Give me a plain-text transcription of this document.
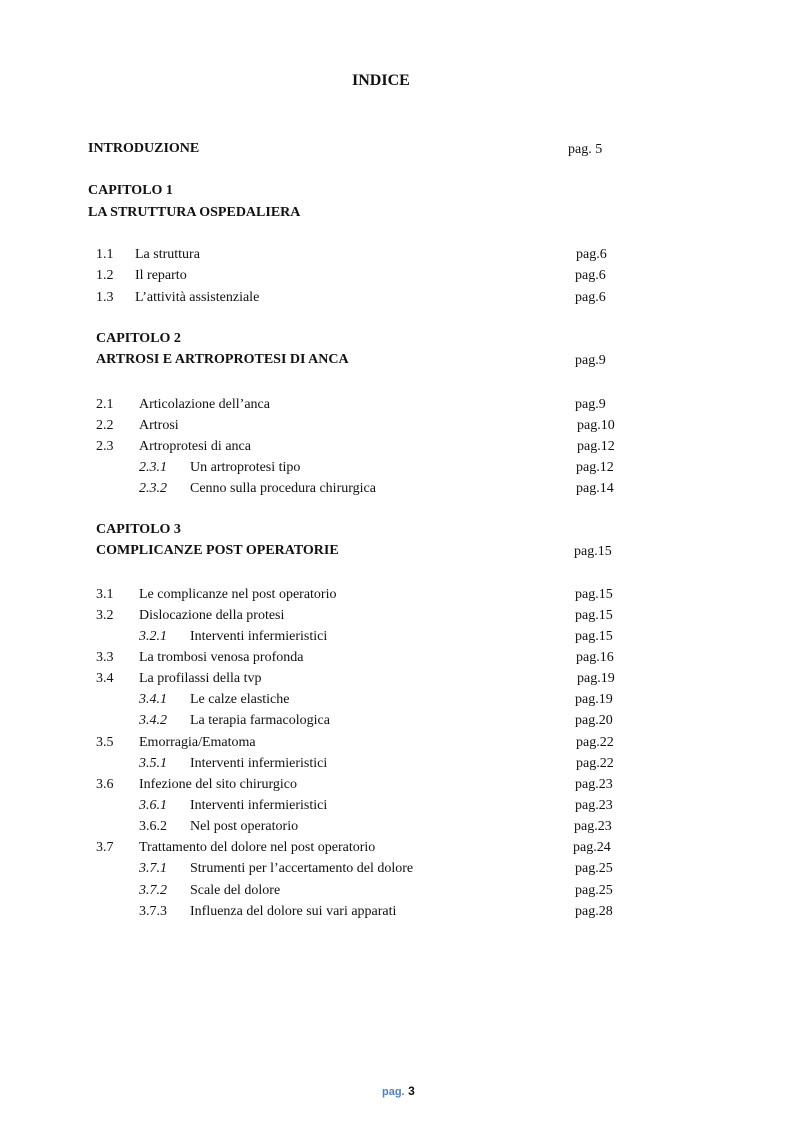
INDICE
INTRODUZIONE	pag. 5
CAPITOLO 1
LA STRUTTURA OSPEDALIERA
1.1 La struttura	pag.6
1.2 Il reparto	pag.6
1.3 L’attività assistenziale	pag.6
CAPITOLO 2
ARTROSI E ARTROPROTESI DI ANCA	pag.9
2.1 Articolazione dell’anca	pag.9
2.2 Artrosi	pag.10
2.3 Artroprotesi di anca	pag.12
2.3.1 Un artroprotesi tipo	pag.12
2.3.2 Cenno sulla procedura chirurgica	pag.14
CAPITOLO 3
COMPLICANZE POST OPERATORIE	pag.15
3.1 Le complicanze nel post operatorio	pag.15
3.2 Dislocazione della protesi	pag.15
3.2.1 Interventi infermieristici	pag.15
3.3 La trombosi venosa profonda	pag.16
3.4 La profilassi della tvp	pag.19
3.4.1 Le calze elastiche	pag.19
3.4.2 La terapia farmacologica	pag.20
3.5 Emorragia/Ematoma	pag.22
3.5.1 Interventi infermieristici	pag.22
3.6 Infezione del sito chirurgico	pag.23
3.6.1 Interventi infermieristici	pag.23
3.6.2 Nel post operatorio	pag.23
3.7 Trattamento del dolore nel post operatorio	pag.24
3.7.1 Strumenti per l’accertamento del dolore	pag.25
3.7.2 Scale del dolore	pag.25
3.7.3 Influenza del dolore sui vari apparati	pag.28
pag. 3
